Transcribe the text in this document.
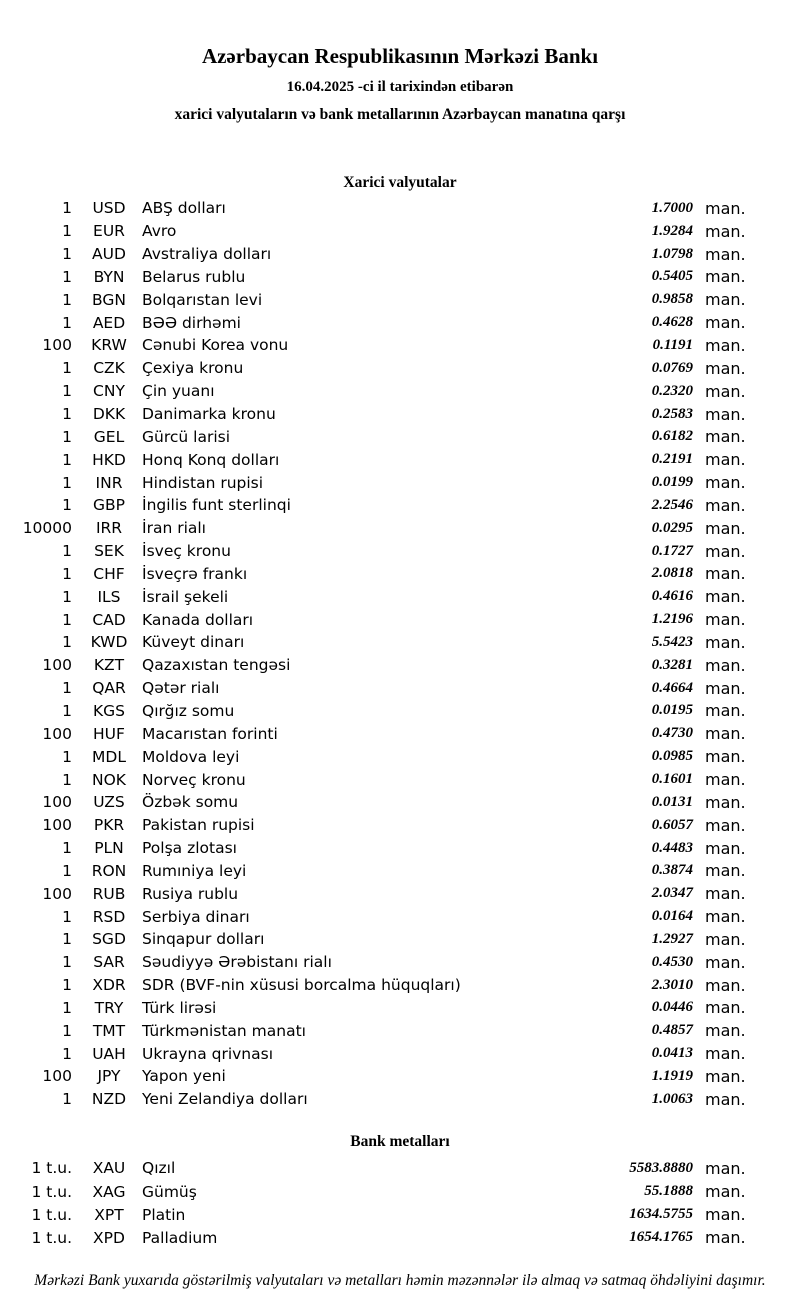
Azərbaycan Respublikasının Mərkəzi Bankı
16.04.2025 -ci il tarixindən etibarən
xarici valyutaların və bank metallarının Azərbaycan manatına qarşı
Xarici valyutalar
1	USD	ABŞ dolları	1.7000 man.
1	EUR	Avro	1.9284 man.
1	AUD	Avstraliya dolları	1.0798 man.
1	BYN	Belarus rublu	0.5405 man.
1	BGN	Bolqarıstan levi	0.9858 man.
1	AED	BƏƏ dirhəmi	0.4628 man.
100	KRW Cənubi Korea vonu	0.1191 man.
1	CZK	Çexiya kronu	0.0769 man.
1	CNY	Çin yuanı	0.2320 man.
1	DKK	Danimarka kronu	0.2583 man.
1	GEL	Gürcü larisi	0.6182 man.
1	HKD	Honq Konq dolları	0.2191 man.
1	INR	Hindistan rupisi	0.0199 man.
1	GBP	İngilis funt sterlinqi	2.2546 man.
10000	IRR	İran rialı	0.0295 man.
1	SEK	İsveç kronu	0.1727 man.
1	CHF	İsveçrə frankı	2.0818 man.
1	ILS	İsrail şekeli	0.4616 man.
1	CAD	Kanada dolları	1.2196 man.
1	KWD Küveyt dinarı	5.5423 man.
100	KZT	Qazaxıstan tengəsi	0.3281 man.
1	QAR	Qətər rialı	0.4664 man.
1	KGS	Qırğız somu	0.0195 man.
100	HUF	Macarıstan forinti	0.4730 man.
1	MDL	Moldova leyi	0.0985 man.
1	NOK	Norveç kronu	0.1601 man.
100	UZS	Özbək somu	0.0131 man.
100	PKR	Pakistan rupisi	0.6057 man.
1	PLN	Polşa zlotası	0.4483 man.
1	RON	Rumıniya leyi	0.3874 man.
100	RUB	Rusiya rublu	2.0347 man.
1	RSD	Serbiya dinarı	0.0164 man.
1	SGD	Sinqapur dolları	1.2927 man.
1	SAR	Səudiyyə Ərəbistanı rialı	0.4530 man.
1	XDR	SDR (BVF-nin xüsusi borcalma hüquqları)	2.3010 man.
1	TRY	Türk lirəsi	0.0446 man.
1	TMT	Türkmənistan manatı	0.4857 man.
1	UAH	Ukrayna qrivnası	0.0413 man.
100	JPY	Yapon yeni	1.1919 man.
1	NZD	Yeni Zelandiya dolları	1.0063 man.
Bank metalları
1 t.u.	XAU	Qızıl	5583.8880 man.
1 t.u.	XAG	Gümüş	55.1888 man.
1 t.u.	XPT	Platin	1634.5755 man.
1 t.u.	XPD	Palladium	1654.1765 man.
Mərkəzi Bank yuxarıda göstərilmiş valyutaları və metalları həmin məzənnələr ilə almaq və satmaq öhdəliyini daşımır.
